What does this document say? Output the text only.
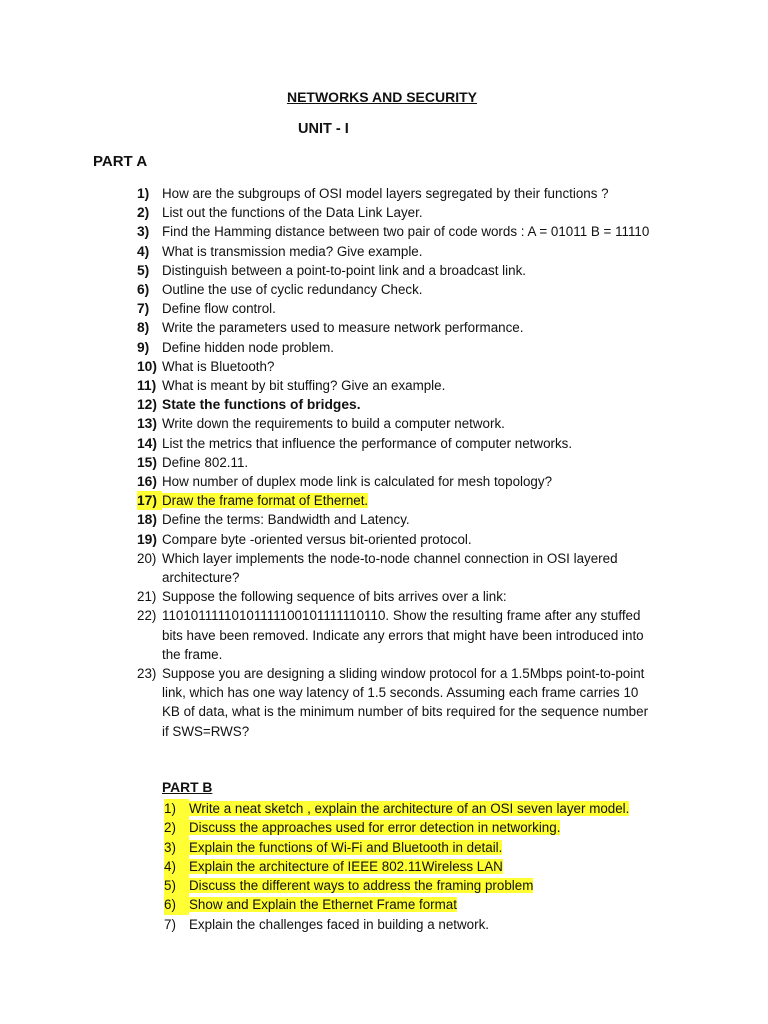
NETWORKS AND SECURITY
UNIT - I
PART A
1) How are the subgroups of OSI model layers segregated by their functions ?
2) List out the functions of the Data Link Layer.
3) Find the Hamming distance between two pair of code words : A = 01011 B = 11110
4) What is transmission media? Give example.
5) Distinguish between a point-to-point link and a broadcast link.
6) Outline the use of cyclic redundancy Check.
7) Define flow control.
8) Write the parameters used to measure network performance.
9) Define hidden node problem.
10) What is Bluetooth?
11) What is meant by bit stuffing? Give an example.
12) State the functions of bridges.
13) Write down the requirements to build a computer network.
14) List the metrics that influence the performance of computer networks.
15) Define 802.11.
16) How number of duplex mode link is calculated for mesh topology?
17) Draw the frame format of Ethernet.
18) Define the terms: Bandwidth and Latency.
19) Compare byte -oriented versus bit-oriented protocol.
20) Which layer implements the node-to-node channel connection in OSI layered architecture?
21) Suppose the following sequence of bits arrives over a link:
22) 11010111110101111100101111110110. Show the resulting frame after any stuffed bits have been removed. Indicate any errors that might have been introduced into the frame.
23) Suppose you are designing a sliding window protocol for a 1.5Mbps point-to-point link, which has one way latency of 1.5 seconds. Assuming each frame carries 10 KB of data, what is the minimum number of bits required for the sequence number if SWS=RWS?
PART B
1) Write a neat sketch , explain the architecture of an OSI seven layer model.
2) Discuss the approaches used for error detection in networking.
3) Explain the functions of Wi-Fi and Bluetooth in detail.
4) Explain the architecture of IEEE 802.11Wireless LAN
5) Discuss the different ways to address the framing problem
6) Show and Explain the Ethernet Frame format
7) Explain the challenges faced in building a network.
